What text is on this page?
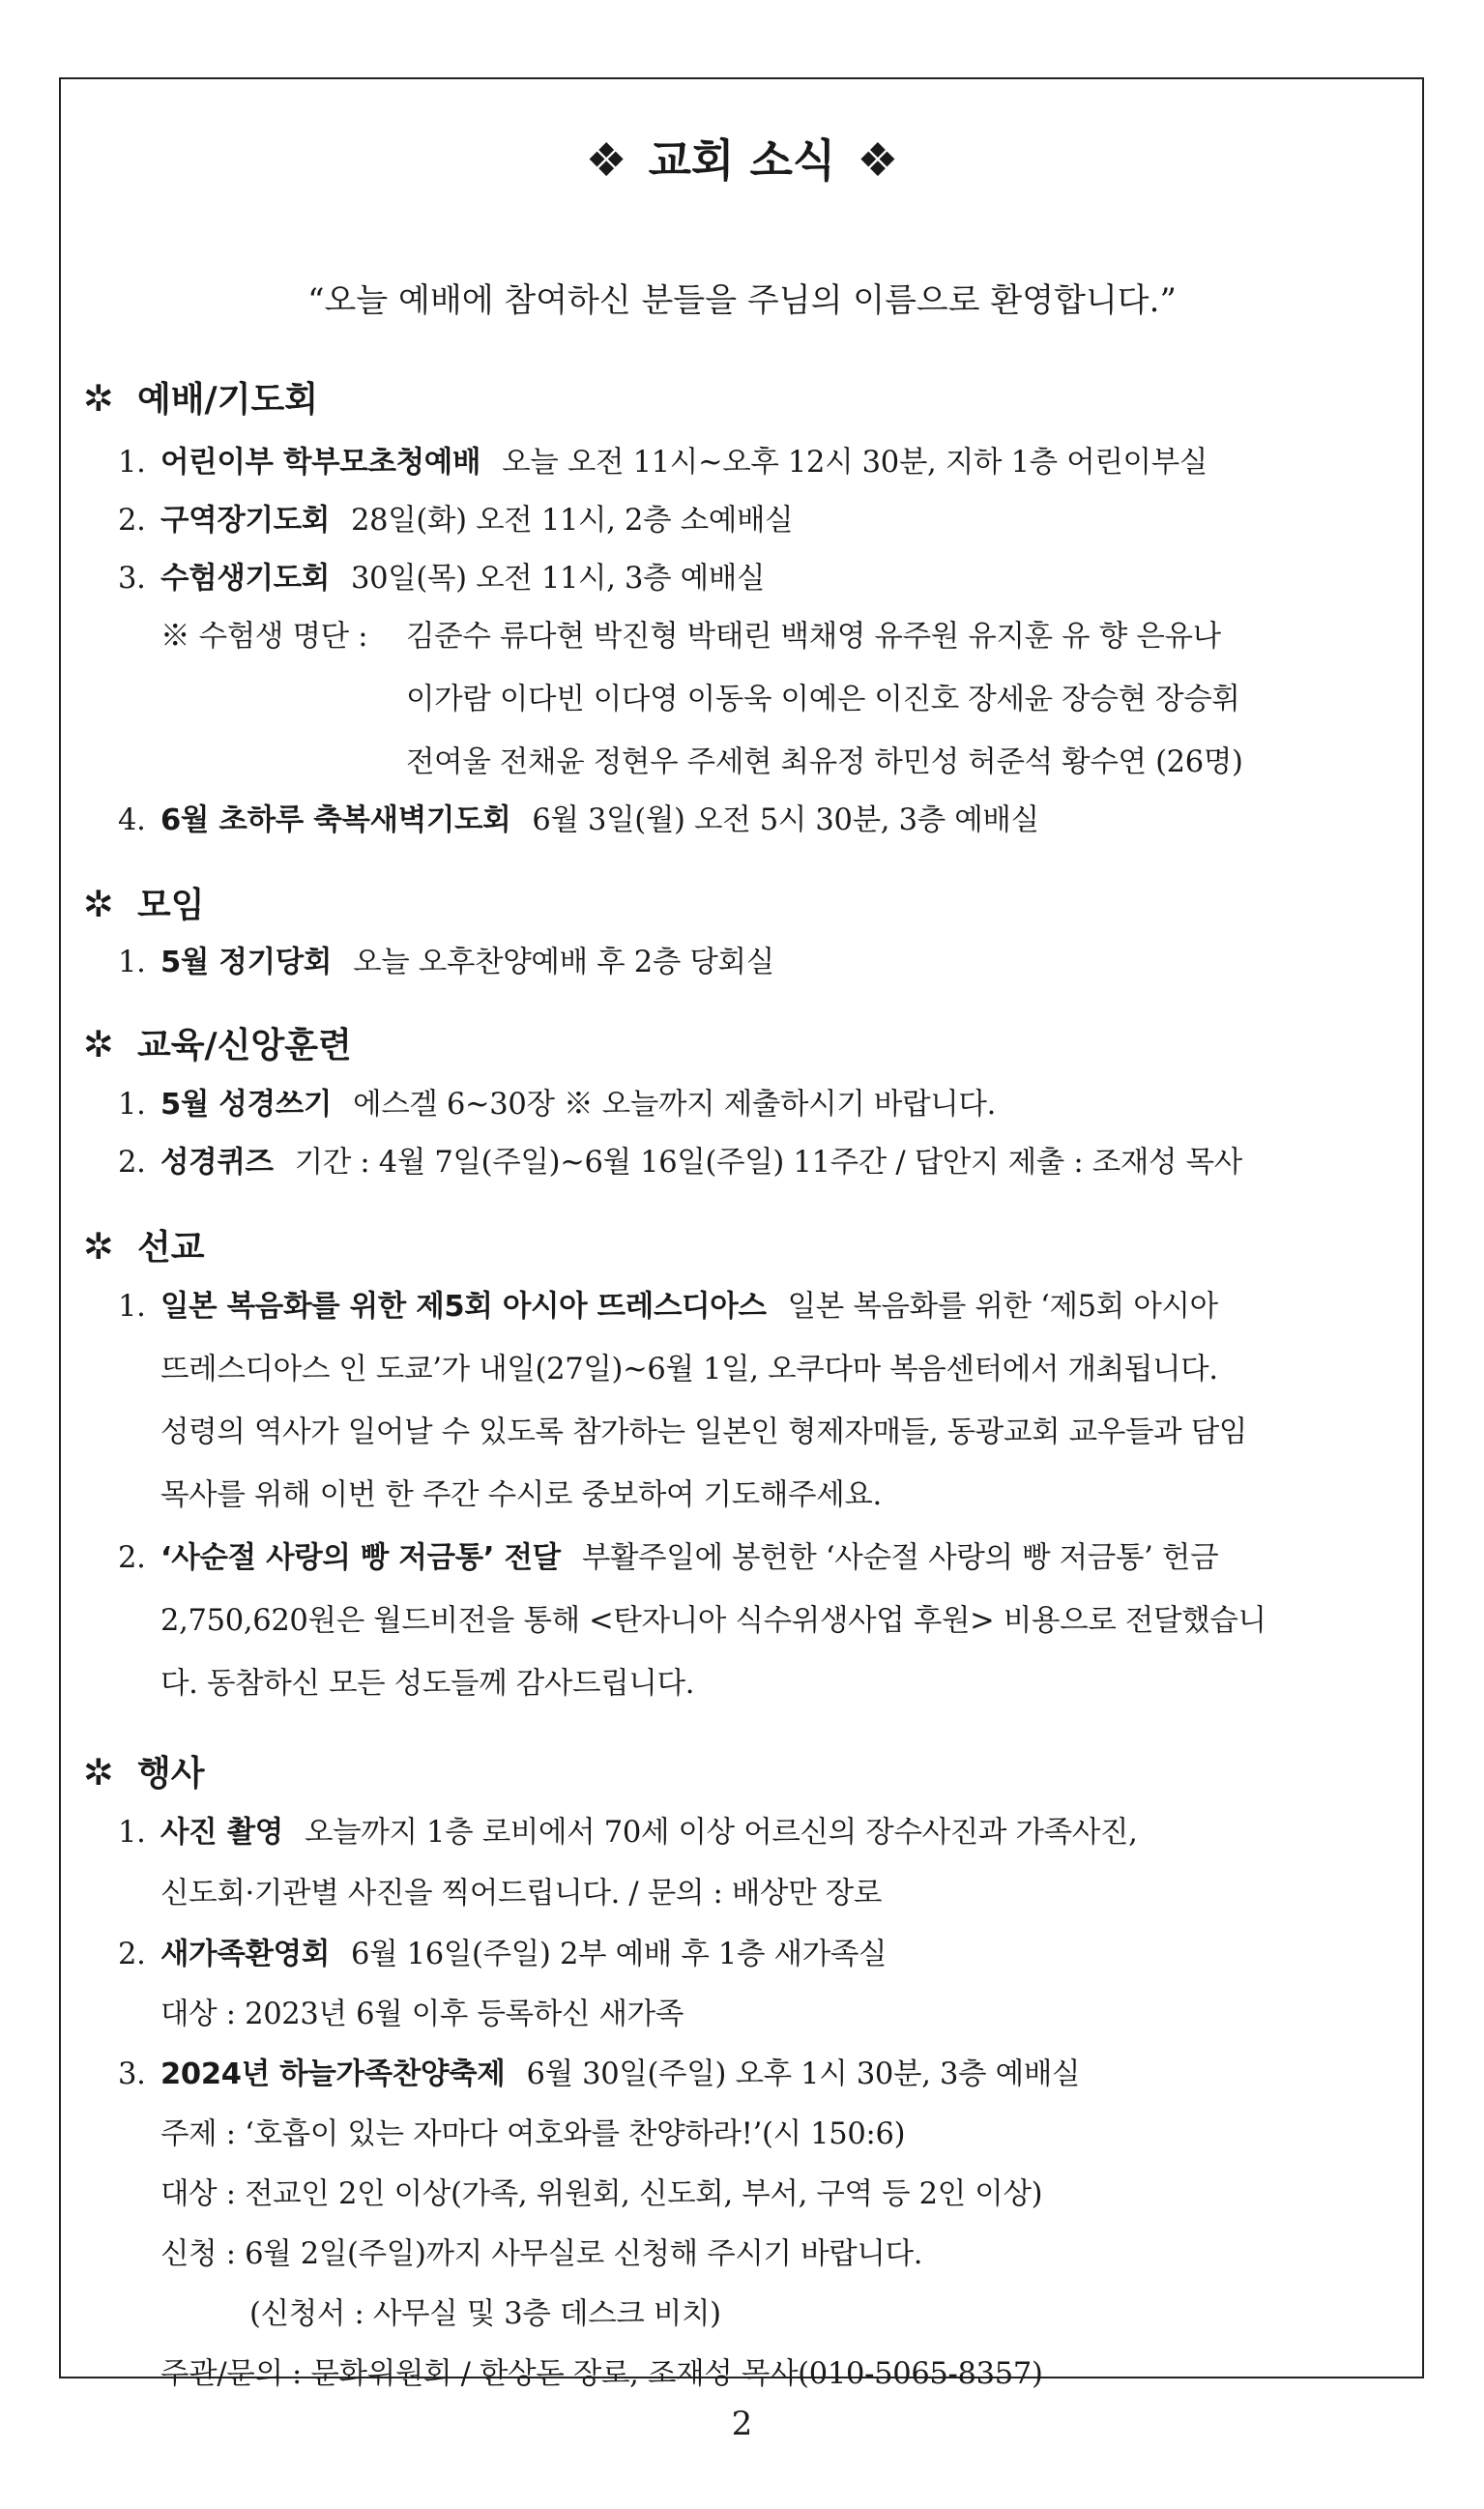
❖ 교회 소식 ❖
“오늘 예배에 참여하신 분들을 주님의 이름으로 환영합니다.”
✲ 예배/기도회
1. 어린이부 학부모초청예배 오늘 오전 11시~오후 12시 30분, 지하 1층 어린이부실
2. 구역장기도회 28일(화) 오전 11시, 2층 소예배실
3. 수험생기도회 30일(목) 오전 11시, 3층 예배실
※ 수험생 명단 : 김준수 류다현 박진형 박태린 백채영 유주원 유지훈 유 향 은유나
이가람 이다빈 이다영 이동욱 이예은 이진호 장세윤 장승현 장승휘
전여울 전채윤 정현우 주세현 최유정 하민성 허준석 황수연 (26명)
4. 6월 초하루 축복새벽기도회 6월 3일(월) 오전 5시 30분, 3층 예배실
✲ 모임
1. 5월 정기당회 오늘 오후찬양예배 후 2층 당회실
✲ 교육/신앙훈련
1. 5월 성경쓰기 에스겔 6~30장 ※ 오늘까지 제출하시기 바랍니다.
2. 성경퀴즈 기간 : 4월 7일(주일)~6월 16일(주일) 11주간 / 답안지 제출 : 조재성 목사
✲ 선교
1. 일본 복음화를 위한 제5회 아시아 뜨레스디아스 일본 복음화를 위한 ‘제5회 아시아
뜨레스디아스 인 도쿄’가 내일(27일)~6월 1일, 오쿠다마 복음센터에서 개최됩니다.
성령의 역사가 일어날 수 있도록 참가하는 일본인 형제자매들, 동광교회 교우들과 담임
목사를 위해 이번 한 주간 수시로 중보하여 기도해주세요.
2. ‘사순절 사랑의 빵 저금통’ 전달 부활주일에 봉헌한 ‘사순절 사랑의 빵 저금통’ 헌금
2,750,620원은 월드비전을 통해 <탄자니아 식수위생사업 후원> 비용으로 전달했습니
다. 동참하신 모든 성도들께 감사드립니다.
✲ 행사
1. 사진 촬영 오늘까지 1층 로비에서 70세 이상 어르신의 장수사진과 가족사진,
신도회·기관별 사진을 찍어드립니다. / 문의 : 배상만 장로
2. 새가족환영회 6월 16일(주일) 2부 예배 후 1층 새가족실
대상 : 2023년 6월 이후 등록하신 새가족
3. 2024년 하늘가족찬양축제 6월 30일(주일) 오후 1시 30분, 3층 예배실
주제 : ‘호흡이 있는 자마다 여호와를 찬양하라!’(시 150:6)
대상 : 전교인 2인 이상(가족, 위원회, 신도회, 부서, 구역 등 2인 이상)
신청 : 6월 2일(주일)까지 사무실로 신청해 주시기 바랍니다.
(신청서 : 사무실 및 3층 데스크 비치)
주관/문의 : 문화위원회 / 한상돈 장로, 조재성 목사(010-5065-8357)
2
